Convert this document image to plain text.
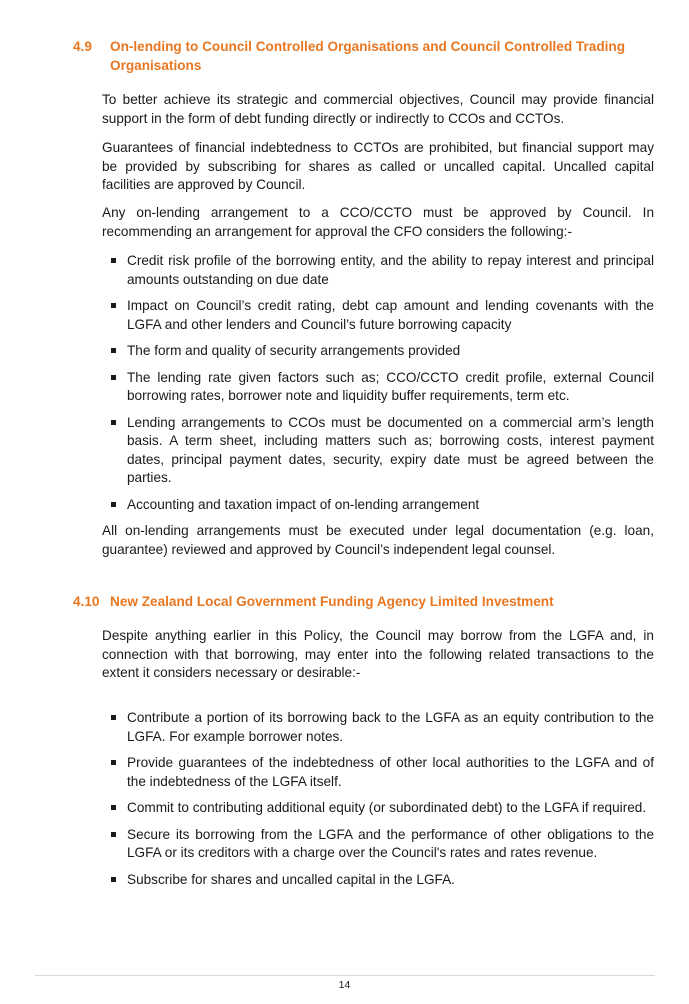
4.9 On-lending to Council Controlled Organisations and Council Controlled Trading Organisations

To better achieve its strategic and commercial objectives, Council may provide financial support in the form of debt funding directly or indirectly to CCOs and CCTOs.

Guarantees of financial indebtedness to CCTOs are prohibited, but financial support may be provided by subscribing for shares as called or uncalled capital. Uncalled capital facilities are approved by Council.

Any on-lending arrangement to a CCO/CCTO must be approved by Council. In recommending an arrangement for approval the CFO considers the following:-

Credit risk profile of the borrowing entity, and the ability to repay interest and principal amounts outstanding on due date
Impact on Council’s credit rating, debt cap amount and lending covenants with the LGFA and other lenders and Council’s future borrowing capacity
The form and quality of security arrangements provided
The lending rate given factors such as; CCO/CCTO credit profile, external Council borrowing rates, borrower note and liquidity buffer requirements, term etc.
Lending arrangements to CCOs must be documented on a commercial arm’s length basis. A term sheet, including matters such as; borrowing costs, interest payment dates, principal payment dates, security, expiry date must be agreed between the parties.
Accounting and taxation impact of on-lending arrangement

All on-lending arrangements must be executed under legal documentation (e.g. loan, guarantee) reviewed and approved by Council’s independent legal counsel.

4.10 New Zealand Local Government Funding Agency Limited Investment

Despite anything earlier in this Policy, the Council may borrow from the LGFA and, in connection with that borrowing, may enter into the following related transactions to the extent it considers necessary or desirable:-

Contribute a portion of its borrowing back to the LGFA as an equity contribution to the LGFA. For example borrower notes.
Provide guarantees of the indebtedness of other local authorities to the LGFA and of the indebtedness of the LGFA itself.
Commit to contributing additional equity (or subordinated debt) to the LGFA if required.
Secure its borrowing from the LGFA and the performance of other obligations to the LGFA or its creditors with a charge over the Council's rates and rates revenue.
Subscribe for shares and uncalled capital in the LGFA.
14
